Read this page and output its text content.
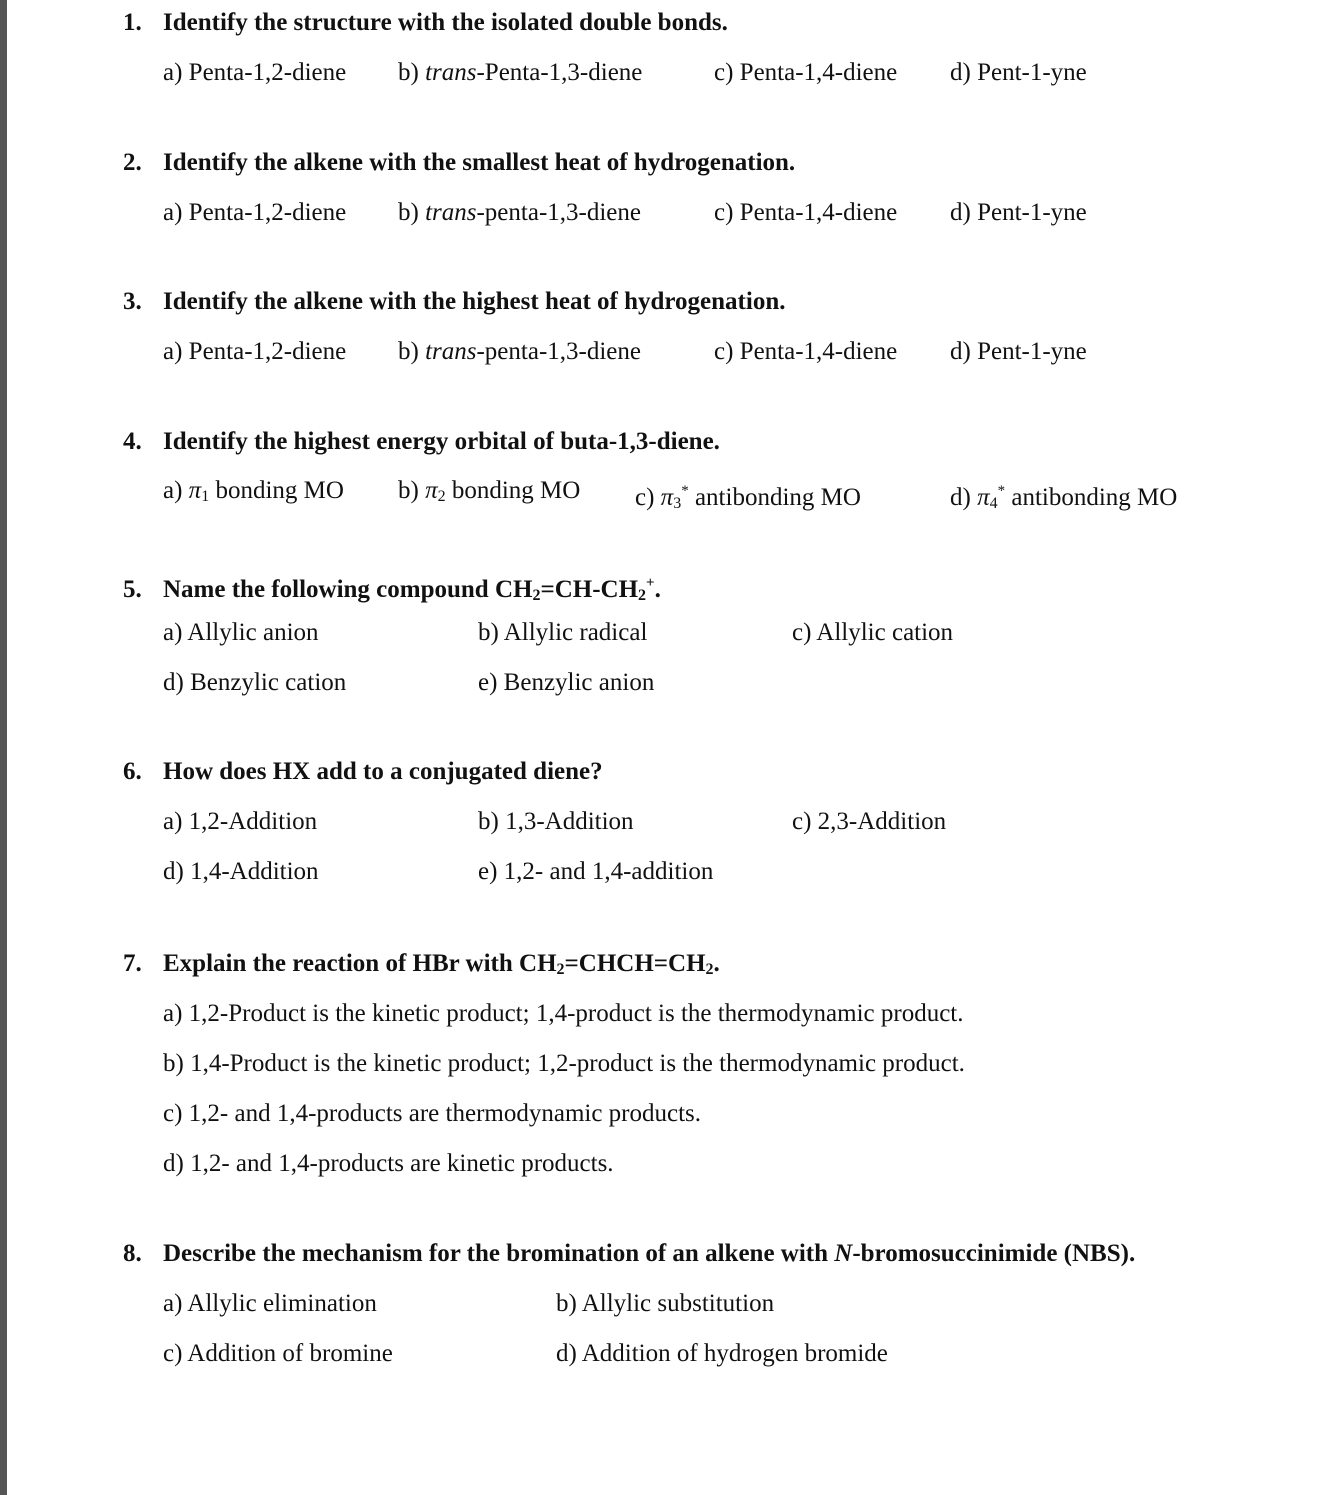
1. Identify the structure with the isolated double bonds.
a) Penta-1,2-diene b) trans-Penta-1,3-diene	c) Penta-1,4-diene d) Pent-1-yne
2. Identify the alkene with the smallest heat of hydrogenation.
a) Penta-1,2-diene b) trans-penta-1,3-diene	c) Penta-1,4-diene d) Pent-1-yne
3. Identify the alkene with the highest heat of hydrogenation.
a) Penta-1,2-diene b) trans-penta-1,3-diene	c) Penta-1,4-diene d) Pent-1-yne
4. Identify the highest energy orbital of buta-1,3-diene.
a) π1 bonding MO b) π2 bonding MO c) π3* antibonding MO	d) π4* antibonding MO
5. Name the following compound CH2=CH-CH2+.
a) Allylic anion	b) Allylic radical	c) Allylic cation
d) Benzylic cation	e) Benzylic anion
6. How does HX add to a conjugated diene?
a) 1,2-Addition	b) 1,3-Addition	c) 2,3-Addition
d) 1,4-Addition	e) 1,2- and 1,4-addition
7. Explain the reaction of HBr with CH2=CHCH=CH2.
a) 1,2-Product is the kinetic product; 1,4-product is the thermodynamic product.
b) 1,4-Product is the kinetic product; 1,2-product is the thermodynamic product.
c) 1,2- and 1,4-products are thermodynamic products.
d) 1,2- and 1,4-products are kinetic products.
8. Describe the mechanism for the bromination of an alkene with N-bromosuccinimide (NBS).
a) Allylic elimination	b) Allylic substitution
c) Addition of bromine	d) Addition of hydrogen bromide
